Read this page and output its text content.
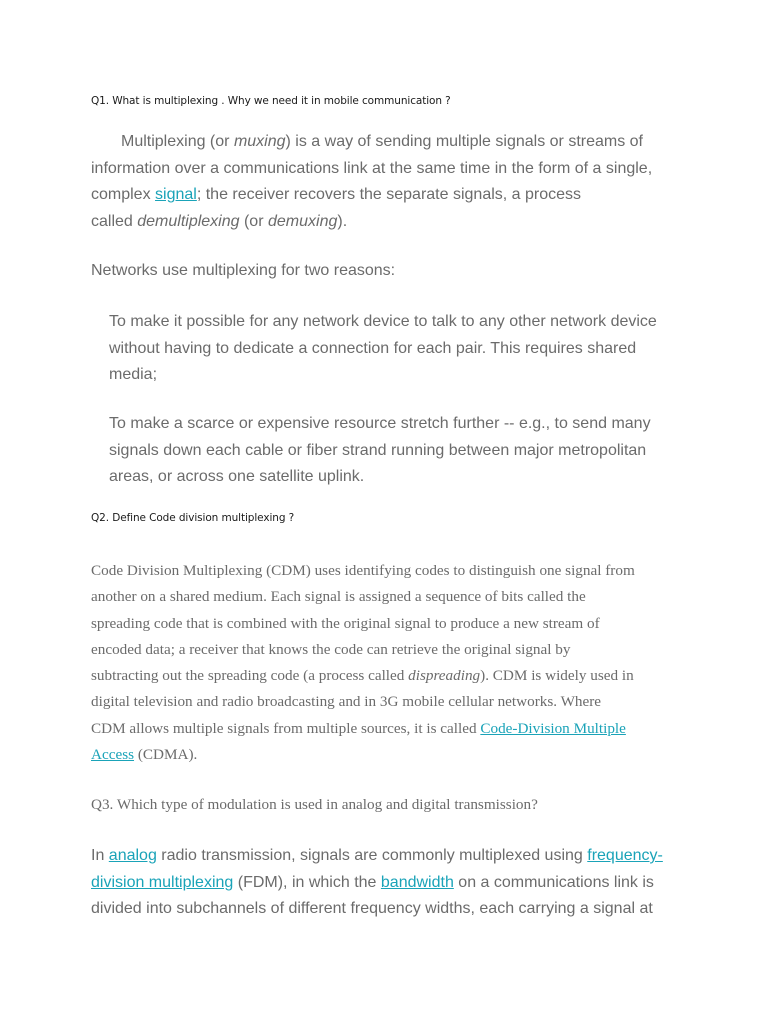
Q1. What is multiplexing . Why we need it in mobile communication ?
Multiplexing (or muxing) is a way of sending multiple signals or streams of
information over a communications link at the same time in the form of a single,
complex signal; the receiver recovers the separate signals, a process
called demultiplexing (or demuxing).
Networks use multiplexing for two reasons:
To make it possible for any network device to talk to any other network device
without having to dedicate a connection for each pair. This requires shared
media;
To make a scarce or expensive resource stretch further -- e.g., to send many
signals down each cable or fiber strand running between major metropolitan
areas, or across one satellite uplink.
Q2. Define Code division multiplexing ?
Code Division Multiplexing (CDM) uses identifying codes to distinguish one signal from
another on a shared medium. Each signal is assigned a sequence of bits called the
spreading code that is combined with the original signal to produce a new stream of
encoded data; a receiver that knows the code can retrieve the original signal by
subtracting out the spreading code (a process called dispreading). CDM is widely used in
digital television and radio broadcasting and in 3G mobile cellular networks. Where
CDM allows multiple signals from multiple sources, it is called Code-Division Multiple
Access (CDMA).
Q3. Which type of modulation is used in analog and digital transmission?
In analog radio transmission, signals are commonly multiplexed using frequency-
division multiplexing (FDM), in which the bandwidth on a communications link is
divided into subchannels of different frequency widths, each carrying a signal at
